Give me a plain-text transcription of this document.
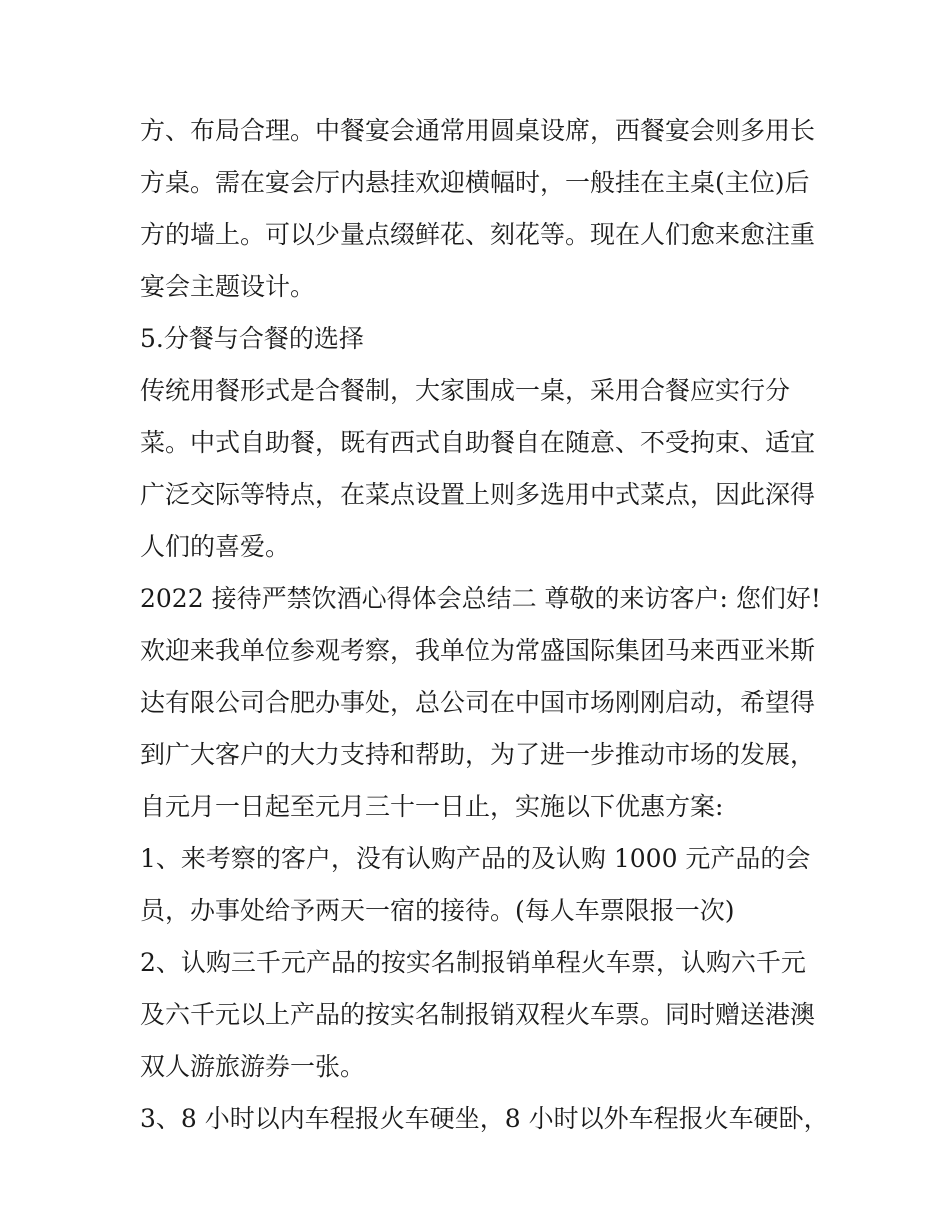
方、布局合理。中餐宴会通常用圆桌设席，西餐宴会则多用长
方桌。需在宴会厅内悬挂欢迎横幅时，一般挂在主桌(主位)后
方的墙上。可以少量点缀鲜花、刻花等。现在人们愈来愈注重
宴会主题设计。
5.分餐与合餐的选择
传统用餐形式是合餐制，大家围成一桌，采用合餐应实行分
菜。中式自助餐，既有西式自助餐自在随意、不受拘束、适宜
广泛交际等特点，在菜点设置上则多选用中式菜点，因此深得
人们的喜爱。
2022 接待严禁饮酒心得体会总结二 尊敬的来访客户: 您们好!
欢迎来我单位参观考察，我单位为常盛国际集团马来西亚米斯
达有限公司合肥办事处，总公司在中国市场刚刚启动，希望得
到广大客户的大力支持和帮助，为了进一步推动市场的发展，
自元月一日起至元月三十一日止，实施以下优惠方案:
1、来考察的客户，没有认购产品的及认购 1000 元产品的会
员，办事处给予两天一宿的接待。(每人车票限报一次)
2、认购三千元产品的按实名制报销单程火车票，认购六千元
及六千元以上产品的按实名制报销双程火车票。同时赠送港澳
双人游旅游券一张。
3、8 小时以内车程报火车硬坐，8 小时以外车程报火车硬卧，
